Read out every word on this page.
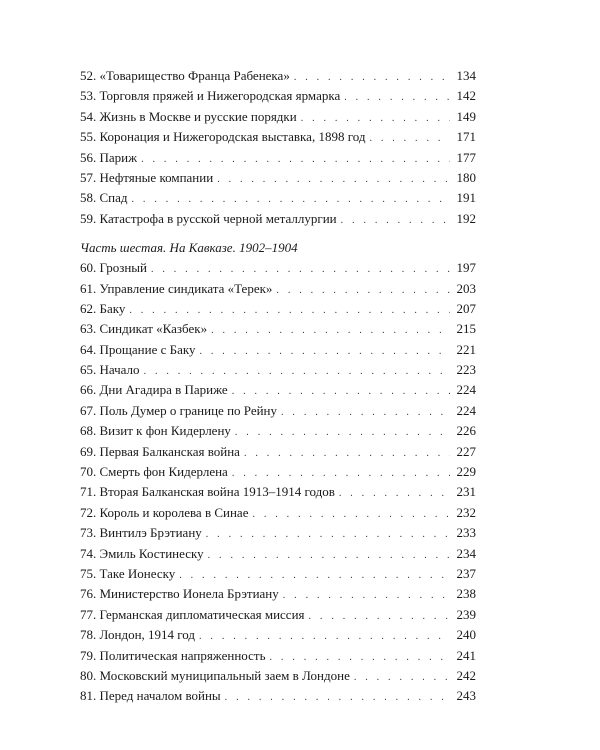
52. «Товарищество Франца Рабенека» . . .	134
53. Торговля пряжей и Нижегородская ярмарка . . .	142
54. Жизнь в Москве и русские порядки . . .	149
55. Коронация и Нижегородская выставка, 1898 год . . .	171
56. Париж . . .	177
57. Нефтяные компании . . .	180
58. Спад . . .	191
59. Катастрофа в русской черной металлургии . . .	192
Часть шестая. На Кавказе. 1902–1904
60. Грозный . . .	197
61. Управление синдиката «Терек» . . .	203
62. Баку . . .	207
63. Синдикат «Казбек» . . .	215
64. Прощание с Баку . . .	221
65. Начало . . .	223
66. Дни Агадира в Париже . . .	224
67. Поль Думер о границе по Рейну . . .	224
68. Визит к фон Кидерлену . . .	226
69. Первая Балканская война . . .	227
70. Смерть фон Кидерлена . . .	229
71. Вторая Балканская война 1913–1914 годов . . .	231
72. Король и королева в Синае . . .	232
73. Винтилэ Брэтиану . . .	233
74. Эмиль Костинеску . . .	234
75. Таке Ионеску . . .	237
76. Министерство Ионела Брэтиану . . .	238
77. Германская дипломатическая миссия . . .	239
78. Лондон, 1914 год . . .	240
79. Политическая напряженность . . .	241
80. Московский муниципальный заем в Лондоне . . .	242
81. Перед началом войны . . .	243
